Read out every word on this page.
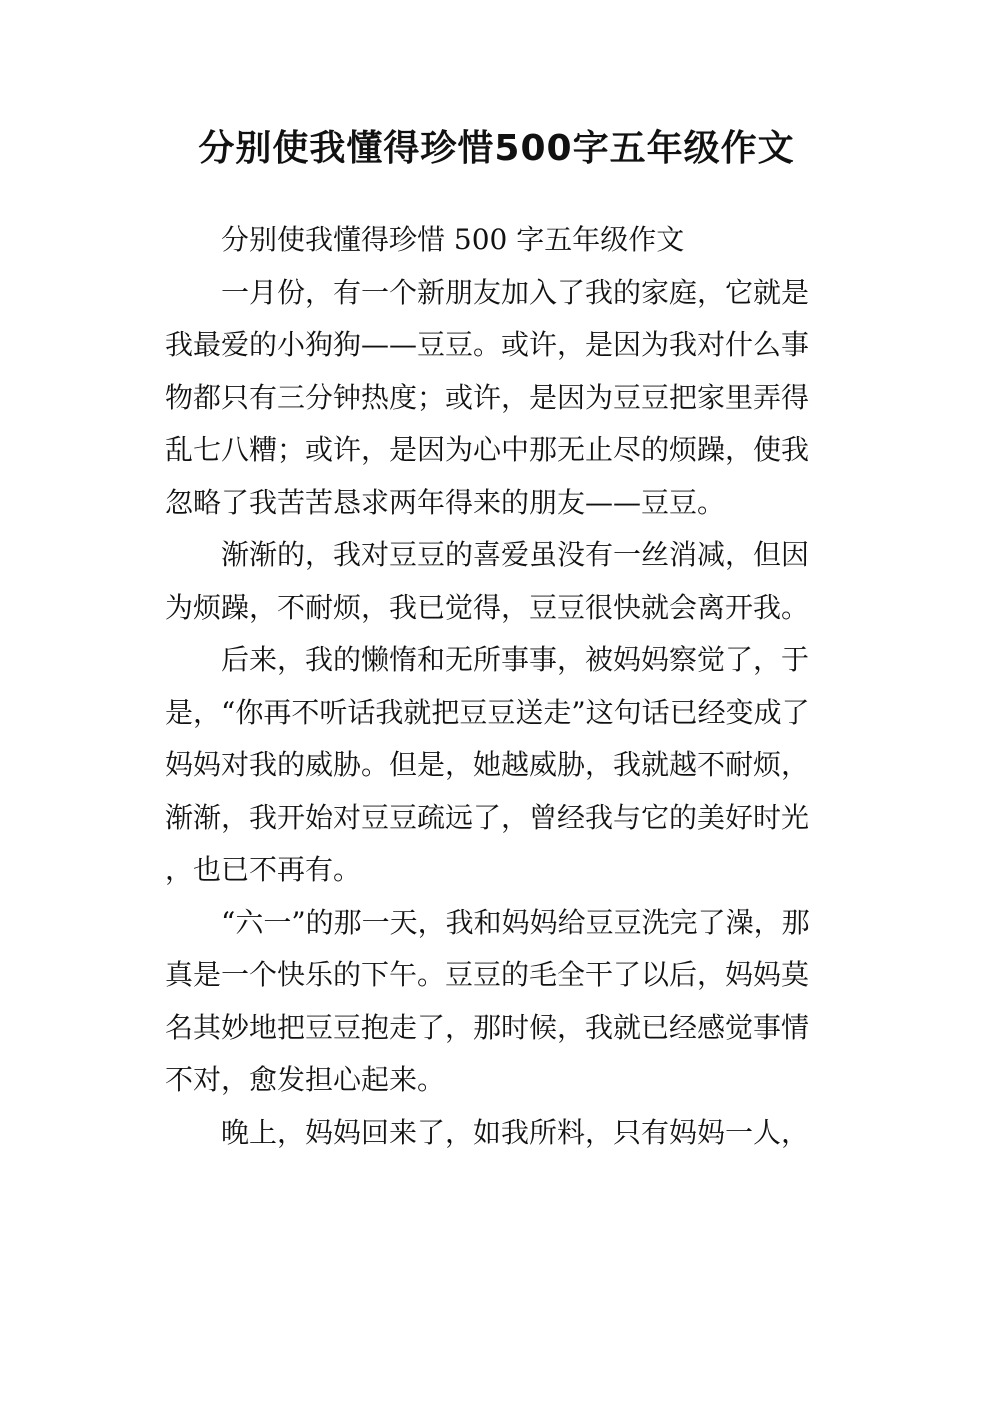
分别使我懂得珍惜500字五年级作文

分别使我懂得珍惜 500 字五年级作文

一月份，有一个新朋友加入了我的家庭，它就是我最爱的小狗狗——豆豆。或许，是因为我对什么事物都只有三分钟热度；或许，是因为豆豆把家里弄得乱七八糟；或许，是因为心中那无止尽的烦躁，使我忽略了我苦苦恳求两年得来的朋友——豆豆。

渐渐的，我对豆豆的喜爱虽没有一丝消减，但因为烦躁，不耐烦，我已觉得，豆豆很快就会离开我。

后来，我的懒惰和无所事事，被妈妈察觉了，于是，“你再不听话我就把豆豆送走”这句话已经变成了妈妈对我的威胁。但是，她越威胁，我就越不耐烦，渐渐，我开始对豆豆疏远了，曾经我与它的美好时光，也已不再有。

“六一”的那一天，我和妈妈给豆豆洗完了澡，那真是一个快乐的下午。豆豆的毛全干了以后，妈妈莫名其妙地把豆豆抱走了，那时候，我就已经感觉事情不对，愈发担心起来。

晚上，妈妈回来了，如我所料，只有妈妈一人，
